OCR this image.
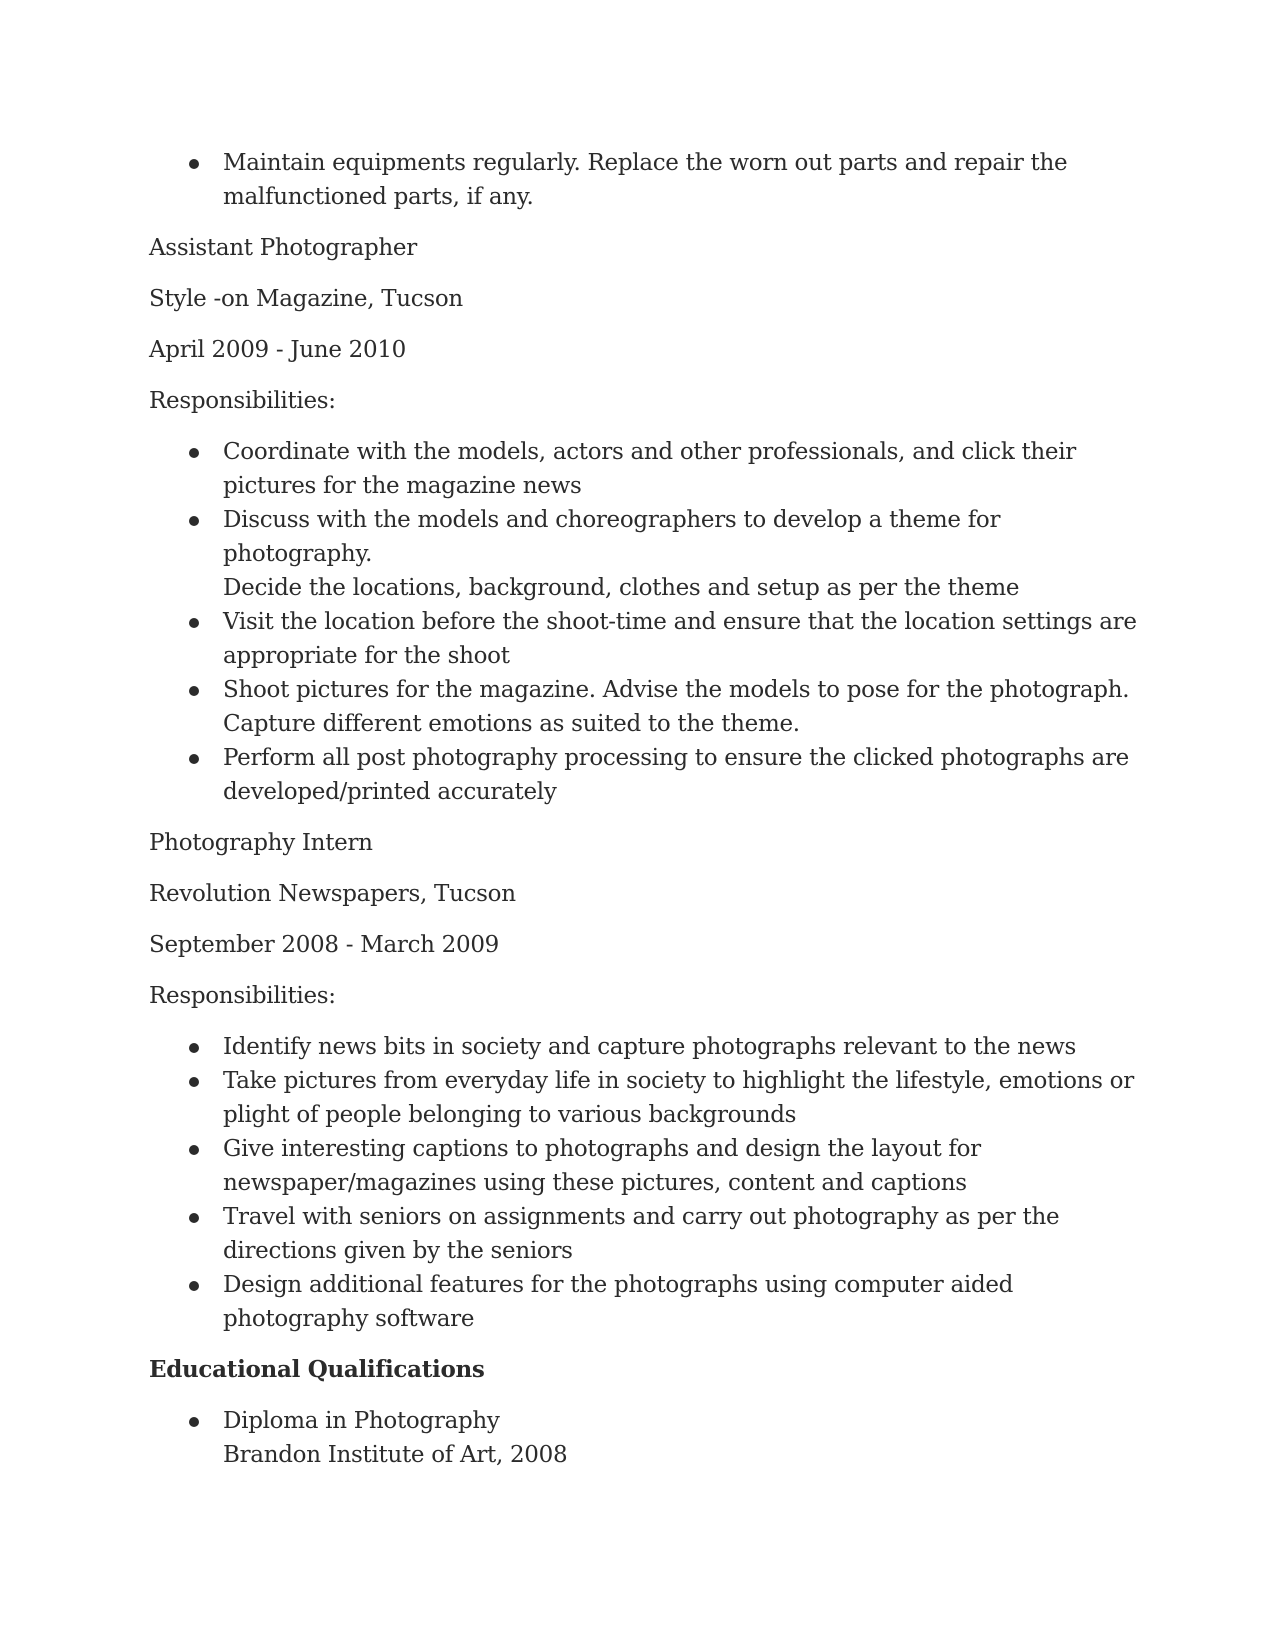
Maintain equipments regularly. Replace the worn out parts and repair the
malfunctioned parts, if any.

Assistant Photographer

Style -on Magazine, Tucson

April 2009 - June 2010

Responsibilities:

Coordinate with the models, actors and other professionals, and click their
pictures for the magazine news
Discuss with the models and choreographers to develop a theme for photography.
Decide the locations, background, clothes and setup as per the theme
Visit the location before the shoot-time and ensure that the location settings are
appropriate for the shoot
Shoot pictures for the magazine. Advise the models to pose for the photograph.
Capture different emotions as suited to the theme.
Perform all post photography processing to ensure the clicked photographs are
developed/printed accurately

Photography Intern

Revolution Newspapers, Tucson

September 2008 - March 2009

Responsibilities:

Identify news bits in society and capture photographs relevant to the news
Take pictures from everyday life in society to highlight the lifestyle, emotions or
plight of people belonging to various backgrounds
Give interesting captions to photographs and design the layout for
newspaper/magazines using these pictures, content and captions
Travel with seniors on assignments and carry out photography as per the
directions given by the seniors
Design additional features for the photographs using computer aided
photography software

Educational Qualifications

Diploma in Photography
Brandon Institute of Art, 2008
